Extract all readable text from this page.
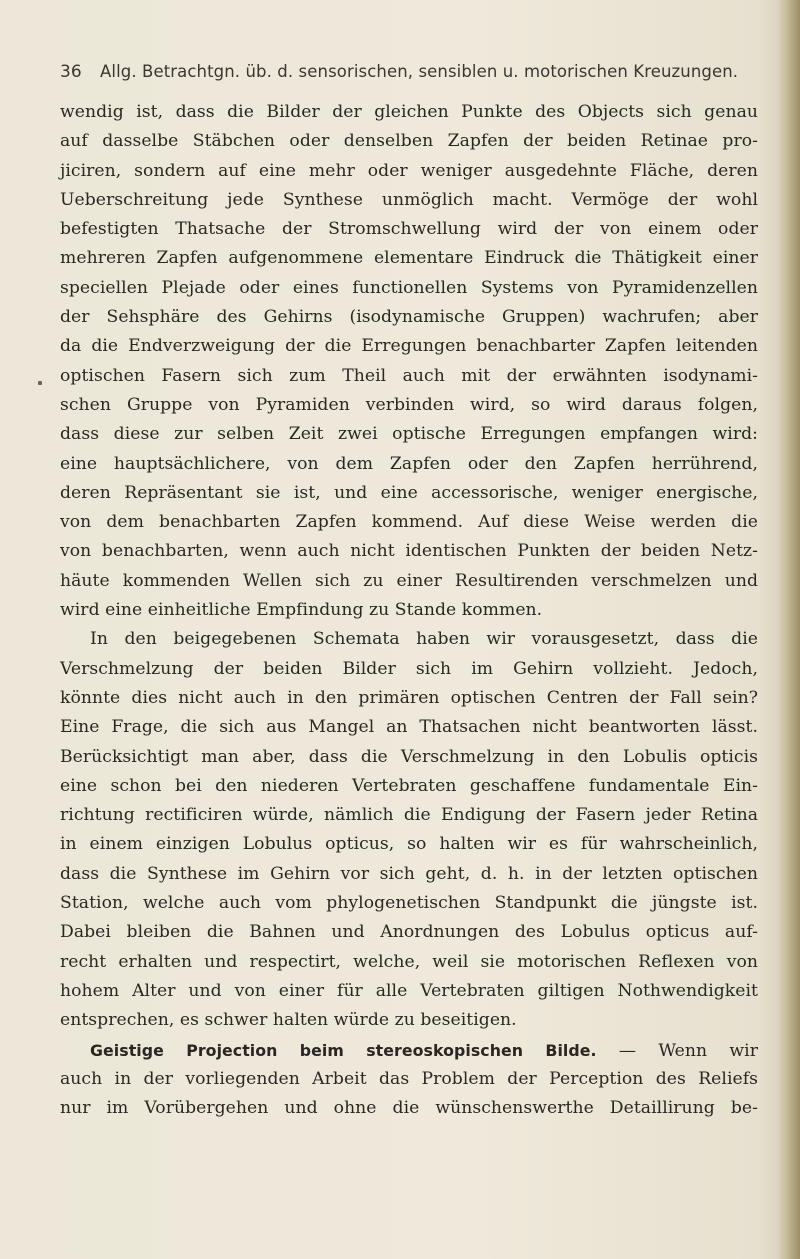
36 Allg. Betrachtgn. üb. d. sensorischen, sensiblen u. motorischen Kreuzungen.
wendig ist, dass die Bilder der gleichen Punkte des Objects sich genau
auf dasselbe Stäbchen oder denselben Zapfen der beiden Retinae pro-
jiciren, sondern auf eine mehr oder weniger ausgedehnte Fläche, deren
Ueberschreitung jede Synthese unmöglich macht. Vermöge der wohl
befestigten Thatsache der Stromschwellung wird der von einem oder
mehreren Zapfen aufgenommene elementare Eindruck die Thätigkeit einer
speciellen Plejade oder eines functionellen Systems von Pyramidenzellen
der Sehsphäre des Gehirns (isodynamische Gruppen) wachrufen; aber
da die Endverzweigung der die Erregungen benachbarter Zapfen leitenden
optischen Fasern sich zum Theil auch mit der erwähnten isodynami-
schen Gruppe von Pyramiden verbinden wird, so wird daraus folgen,
dass diese zur selben Zeit zwei optische Erregungen empfangen wird:
eine hauptsächlichere, von dem Zapfen oder den Zapfen herrührend,
deren Repräsentant sie ist, und eine accessorische, weniger energische,
von dem benachbarten Zapfen kommend. Auf diese Weise werden die
von benachbarten, wenn auch nicht identischen Punkten der beiden Netz-
häute kommenden Wellen sich zu einer Resultirenden verschmelzen und
wird eine einheitliche Empfindung zu Stande kommen.
In den beigegebenen Schemata haben wir vorausgesetzt, dass die
Verschmelzung der beiden Bilder sich im Gehirn vollzieht. Jedoch,
könnte dies nicht auch in den primären optischen Centren der Fall sein?
Eine Frage, die sich aus Mangel an Thatsachen nicht beantworten lässt.
Berücksichtigt man aber, dass die Verschmelzung in den Lobulis opticis
eine schon bei den niederen Vertebraten geschaffene fundamentale Ein-
richtung rectificiren würde, nämlich die Endigung der Fasern jeder Retina
in einem einzigen Lobulus opticus, so halten wir es für wahrscheinlich,
dass die Synthese im Gehirn vor sich geht, d. h. in der letzten optischen
Station, welche auch vom phylogenetischen Standpunkt die jüngste ist.
Dabei bleiben die Bahnen und Anordnungen des Lobulus opticus auf-
recht erhalten und respectirt, welche, weil sie motorischen Reflexen von
hohem Alter und von einer für alle Vertebraten giltigen Nothwendigkeit
entsprechen, es schwer halten würde zu beseitigen.
Geistige Projection beim stereoskopischen Bilde. — Wenn wir
auch in der vorliegenden Arbeit das Problem der Perception des Reliefs
nur im Vorübergehen und ohne die wünschenswerthe Detaillirung be-
